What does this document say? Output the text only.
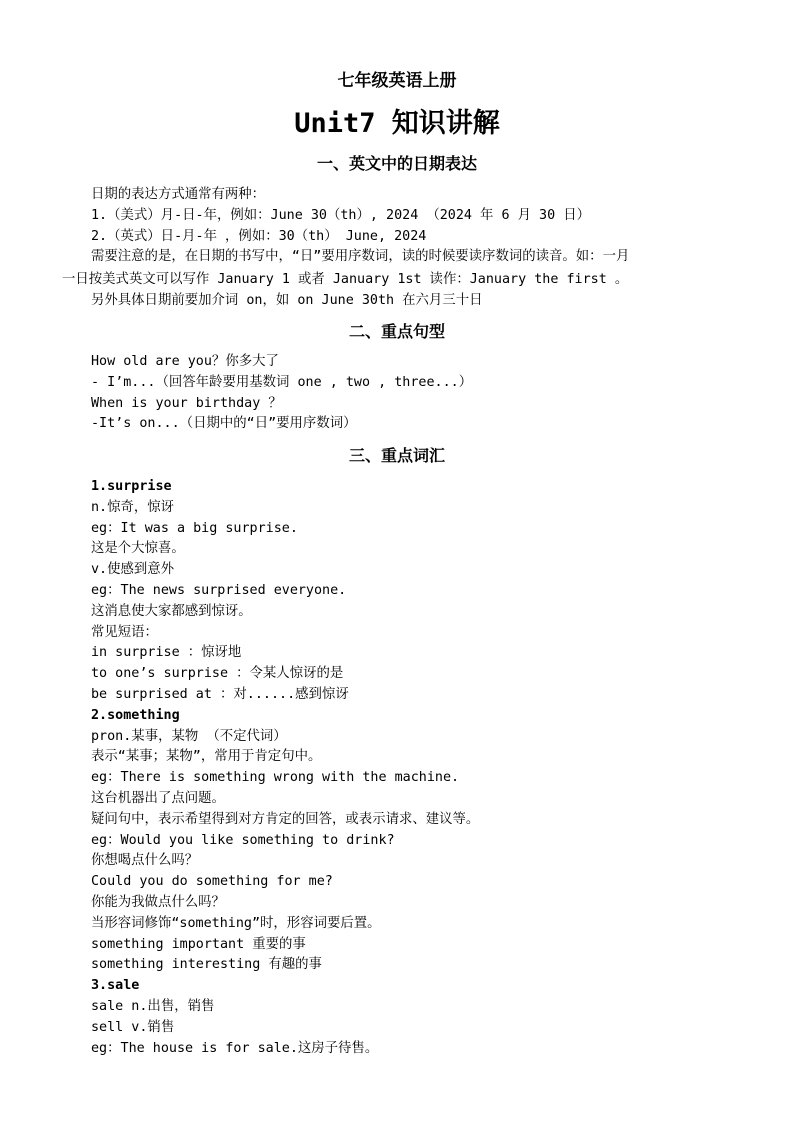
七年级英语上册
Unit7 知识讲解
一、英文中的日期表达
日期的表达方式通常有两种：
1.（美式）月-日-年，例如：June 30（th）, 2024 （2024 年 6 月 30 日）
2.（英式）日-月-年 ，例如：30（th） June, 2024
需要注意的是，在日期的书写中，“日”要用序数词，读的时候要读序数词的读音。如：一月
一日按美式英文可以写作 January 1 或者 January 1st 读作：January the first 。
另外具体日期前要加介词 on，如 on June 30th 在六月三十日
二、重点句型
How old are you？你多大了
- I’m...（回答年龄要用基数词 one , two , three...）
When is your birthday ？
-It’s on...（日期中的“日”要用序数词）
三、重点词汇
1.surprise
n.惊奇，惊讶
eg：It was a big surprise.
这是个大惊喜。
v.使感到意外
eg：The news surprised everyone.
这消息使大家都感到惊讶。
常见短语：
in surprise ：惊讶地
to one’s surprise ：令某人惊讶的是
be surprised at ：对......感到惊讶
2.something
pron.某事，某物 （不定代词）
表示“某事；某物”，常用于肯定句中。
eg：There is something wrong with the machine.
这台机器出了点问题。
疑问句中，表示希望得到对方肯定的回答，或表示请求、建议等。
eg：Would you like something to drink?
你想喝点什么吗？
Could you do something for me?
你能为我做点什么吗？
当形容词修饰“something”时，形容词要后置。
something important 重要的事
something interesting 有趣的事
3.sale
sale n.出售，销售
sell v.销售
eg：The house is for sale.这房子待售。
